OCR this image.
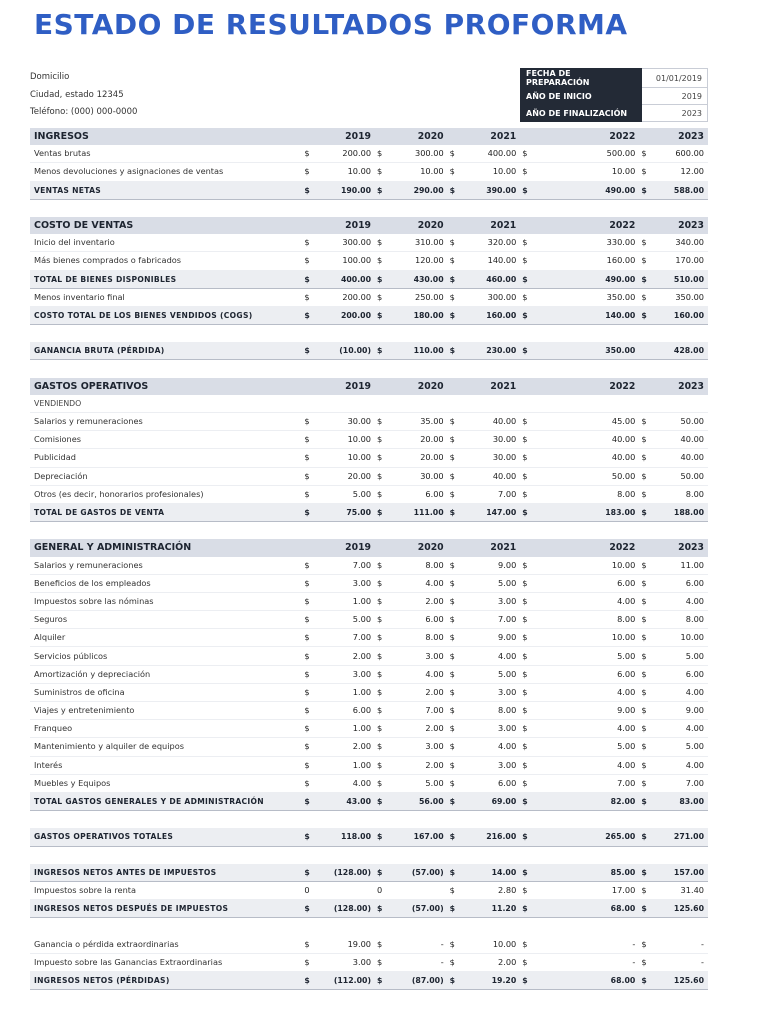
ESTADO DE RESULTADOS PROFORMA
Domicilio
Ciudad, estado 12345
Teléfono: (000) 000-0000
FECHA DE PREPARACIÓN	01/01/2019
AÑO DE INICIO	2019
AÑO DE FINALIZACIÓN	2023
INGRESOS		2019		2020		2021		2022		2023
Ventas brutas	$	200.00	$	300.00	$	400.00	$	500.00	$	600.00
Menos devoluciones y asignaciones de ventas	$	10.00	$	10.00	$	10.00	$	10.00	$	12.00
VENTAS NETAS	$	190.00	$	290.00	$	390.00	$	490.00	$	588.00

COSTO DE VENTAS		2019		2020		2021		2022		2023
Inicio del inventario	$	300.00	$	310.00	$	320.00	$	330.00	$	340.00
Más bienes comprados o fabricados	$	100.00	$	120.00	$	140.00	$	160.00	$	170.00
TOTAL DE BIENES DISPONIBLES	$	400.00	$	430.00	$	460.00	$	490.00	$	510.00
Menos inventario final	$	200.00	$	250.00	$	300.00	$	350.00	$	350.00
COSTO TOTAL DE LOS BIENES VENDIDOS (COGS)	$	200.00	$	180.00	$	160.00	$	140.00	$	160.00

GANANCIA BRUTA (PÉRDIDA)	$	(10.00)	$	110.00	$	230.00	$	350.00		428.00

GASTOS OPERATIVOS		2019		2020		2021		2022		2023
VENDIENDO										
Salarios y remuneraciones	$	30.00	$	35.00	$	40.00	$	45.00	$	50.00
Comisiones	$	10.00	$	20.00	$	30.00	$	40.00	$	40.00
Publicidad	$	10.00	$	20.00	$	30.00	$	40.00	$	40.00
Depreciación	$	20.00	$	30.00	$	40.00	$	50.00	$	50.00
Otros (es decir, honorarios profesionales)	$	5.00	$	6.00	$	7.00	$	8.00	$	8.00
TOTAL DE GASTOS DE VENTA	$	75.00	$	111.00	$	147.00	$	183.00	$	188.00

GENERAL Y ADMINISTRACIÓN		2019		2020		2021		2022		2023
Salarios y remuneraciones	$	7.00	$	8.00	$	9.00	$	10.00	$	11.00
Beneficios de los empleados	$	3.00	$	4.00	$	5.00	$	6.00	$	6.00
Impuestos sobre las nóminas	$	1.00	$	2.00	$	3.00	$	4.00	$	4.00
Seguros	$	5.00	$	6.00	$	7.00	$	8.00	$	8.00
Alquiler	$	7.00	$	8.00	$	9.00	$	10.00	$	10.00
Servicios públicos	$	2.00	$	3.00	$	4.00	$	5.00	$	5.00
Amortización y depreciación	$	3.00	$	4.00	$	5.00	$	6.00	$	6.00
Suministros de oficina	$	1.00	$	2.00	$	3.00	$	4.00	$	4.00
Viajes y entretenimiento	$	6.00	$	7.00	$	8.00	$	9.00	$	9.00
Franqueo	$	1.00	$	2.00	$	3.00	$	4.00	$	4.00
Mantenimiento y alquiler de equipos	$	2.00	$	3.00	$	4.00	$	5.00	$	5.00
Interés	$	1.00	$	2.00	$	3.00	$	4.00	$	4.00
Muebles y Equipos	$	4.00	$	5.00	$	6.00	$	7.00	$	7.00
TOTAL GASTOS GENERALES Y DE ADMINISTRACIÓN	$	43.00	$	56.00	$	69.00	$	82.00	$	83.00

GASTOS OPERATIVOS TOTALES	$	118.00	$	167.00	$	216.00	$	265.00	$	271.00

INGRESOS NETOS ANTES DE IMPUESTOS	$	(128.00)	$	(57.00)	$	14.00	$	85.00	$	157.00
Impuestos sobre la renta	0		0		$	2.80	$	17.00	$	31.40
INGRESOS NETOS DESPUÉS DE IMPUESTOS	$	(128.00)	$	(57.00)	$	11.20	$	68.00	$	125.60

Ganancia o pérdida extraordinarias	$	19.00	$	-	$	10.00	$	-	$	-
Impuesto sobre las Ganancias Extraordinarias	$	3.00	$	-	$	2.00	$	-	$	-
INGRESOS NETOS (PÉRDIDAS)	$	(112.00)	$	(87.00)	$	19.20	$	68.00	$	125.60
